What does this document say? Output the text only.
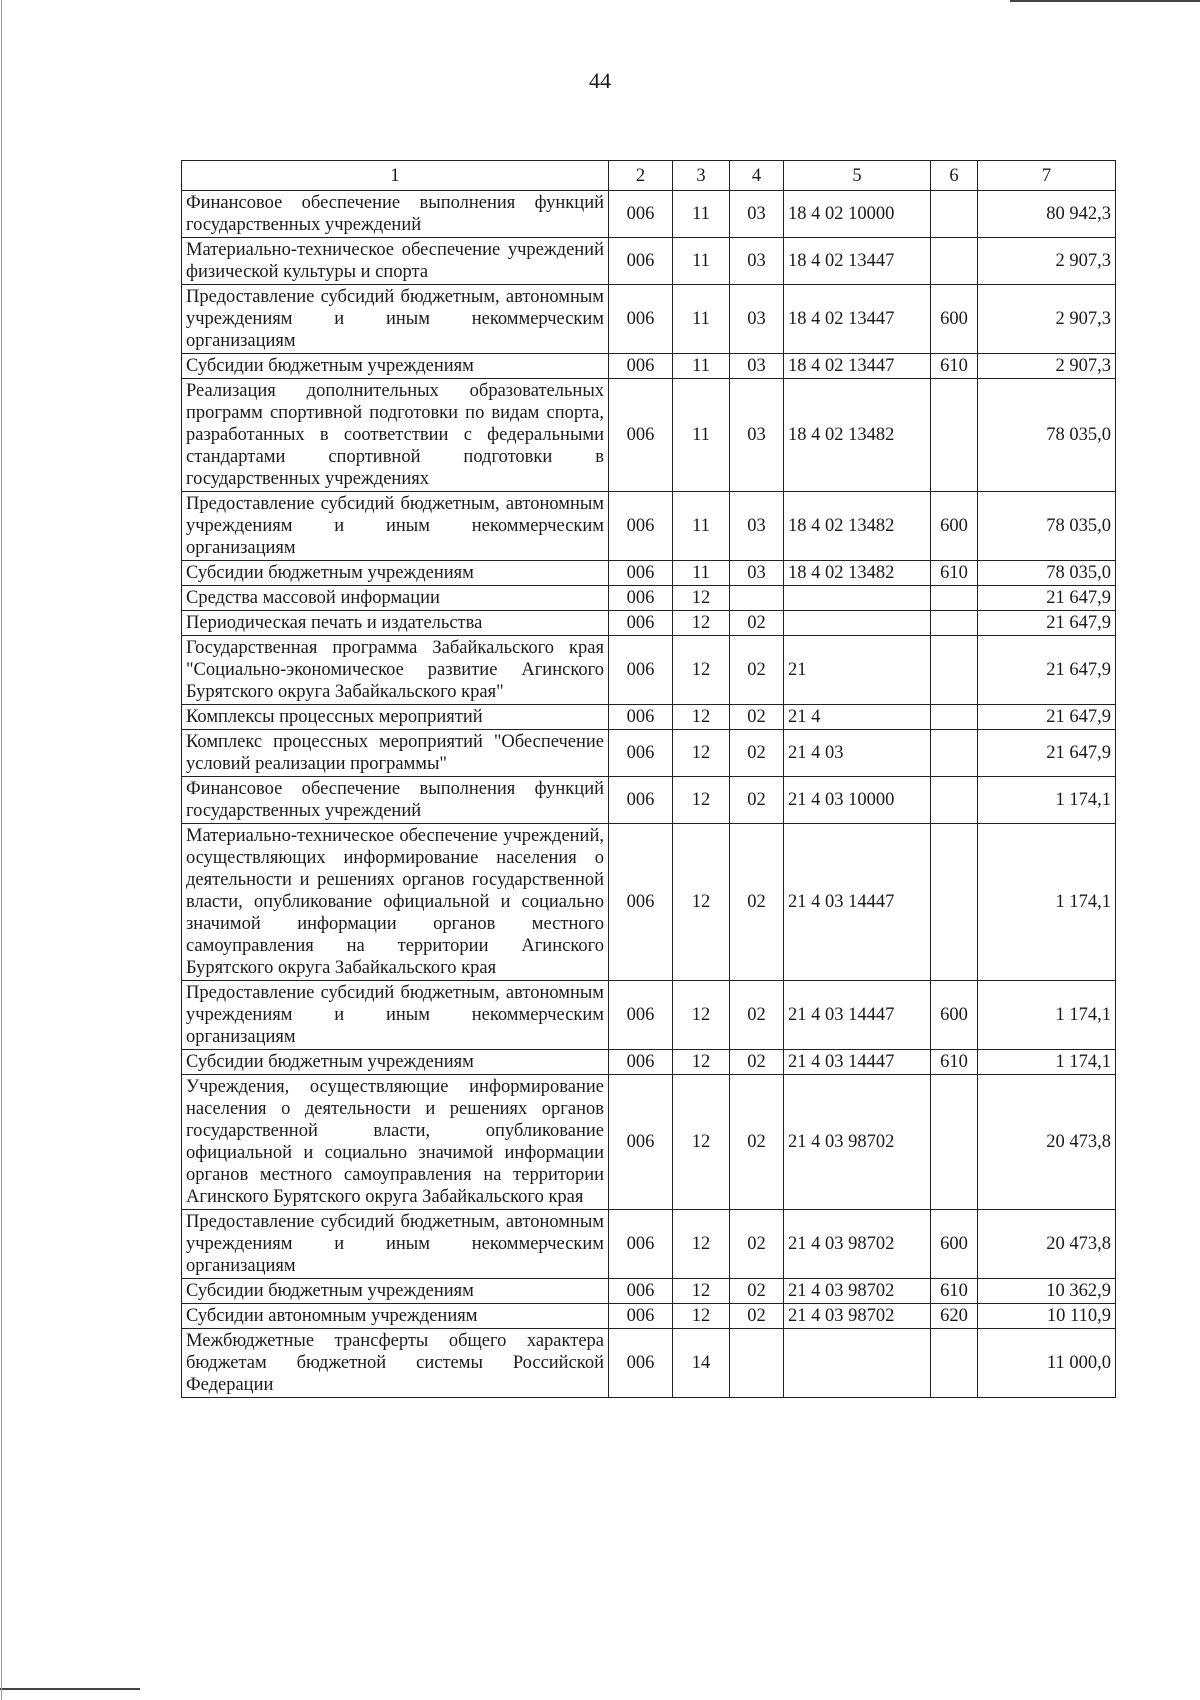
44
1	2	3	4	5	6	7
Финансовое обеспечение выполнения функций государственных учреждений	006	11	03	18 4 02 10000		80 942,3
Материально-техническое обеспечение учреждений физической культуры и спорта	006	11	03	18 4 02 13447		2 907,3
Предоставление субсидий бюджетным, автономным учреждениям и иным некоммерческим организациям	006	11	03	18 4 02 13447	600	2 907,3
Субсидии бюджетным учреждениям	006	11	03	18 4 02 13447	610	2 907,3
Реализация дополнительных образовательных программ спортивной подготовки по видам спорта, разработанных в соответствии с федеральными стандартами спортивной подготовки в государственных учреждениях	006	11	03	18 4 02 13482		78 035,0
Предоставление субсидий бюджетным, автономным учреждениям и иным некоммерческим организациям	006	11	03	18 4 02 13482	600	78 035,0
Субсидии бюджетным учреждениям	006	11	03	18 4 02 13482	610	78 035,0
Средства массовой информации	006	12				21 647,9
Периодическая печать и издательства	006	12	02			21 647,9
Государственная программа Забайкальского края "Социально-экономическое развитие Агинского Бурятского округа Забайкальского края"	006	12	02	21		21 647,9
Комплексы процессных мероприятий	006	12	02	21 4		21 647,9
Комплекс процессных мероприятий "Обеспечение условий реализации программы"	006	12	02	21 4 03		21 647,9
Финансовое обеспечение выполнения функций государственных учреждений	006	12	02	21 4 03 10000		1 174,1
Материально-техническое обеспечение учреждений, осуществляющих информирование населения о деятельности и решениях органов государственной власти, опубликование официальной и социально значимой информации органов местного самоуправления на территории Агинского Бурятского округа Забайкальского края	006	12	02	21 4 03 14447		1 174,1
Предоставление субсидий бюджетным, автономным учреждениям и иным некоммерческим организациям	006	12	02	21 4 03 14447	600	1 174,1
Субсидии бюджетным учреждениям	006	12	02	21 4 03 14447	610	1 174,1
Учреждения, осуществляющие информирование населения о деятельности и решениях органов государственной власти, опубликование официальной и социально значимой информации органов местного самоуправления на территории Агинского Бурятского округа Забайкальского края	006	12	02	21 4 03 98702		20 473,8
Предоставление субсидий бюджетным, автономным учреждениям и иным некоммерческим организациям	006	12	02	21 4 03 98702	600	20 473,8
Субсидии бюджетным учреждениям	006	12	02	21 4 03 98702	610	10 362,9
Субсидии автономным учреждениям	006	12	02	21 4 03 98702	620	10 110,9
Межбюджетные трансферты общего характера бюджетам бюджетной системы Российской Федерации	006	14				11 000,0
